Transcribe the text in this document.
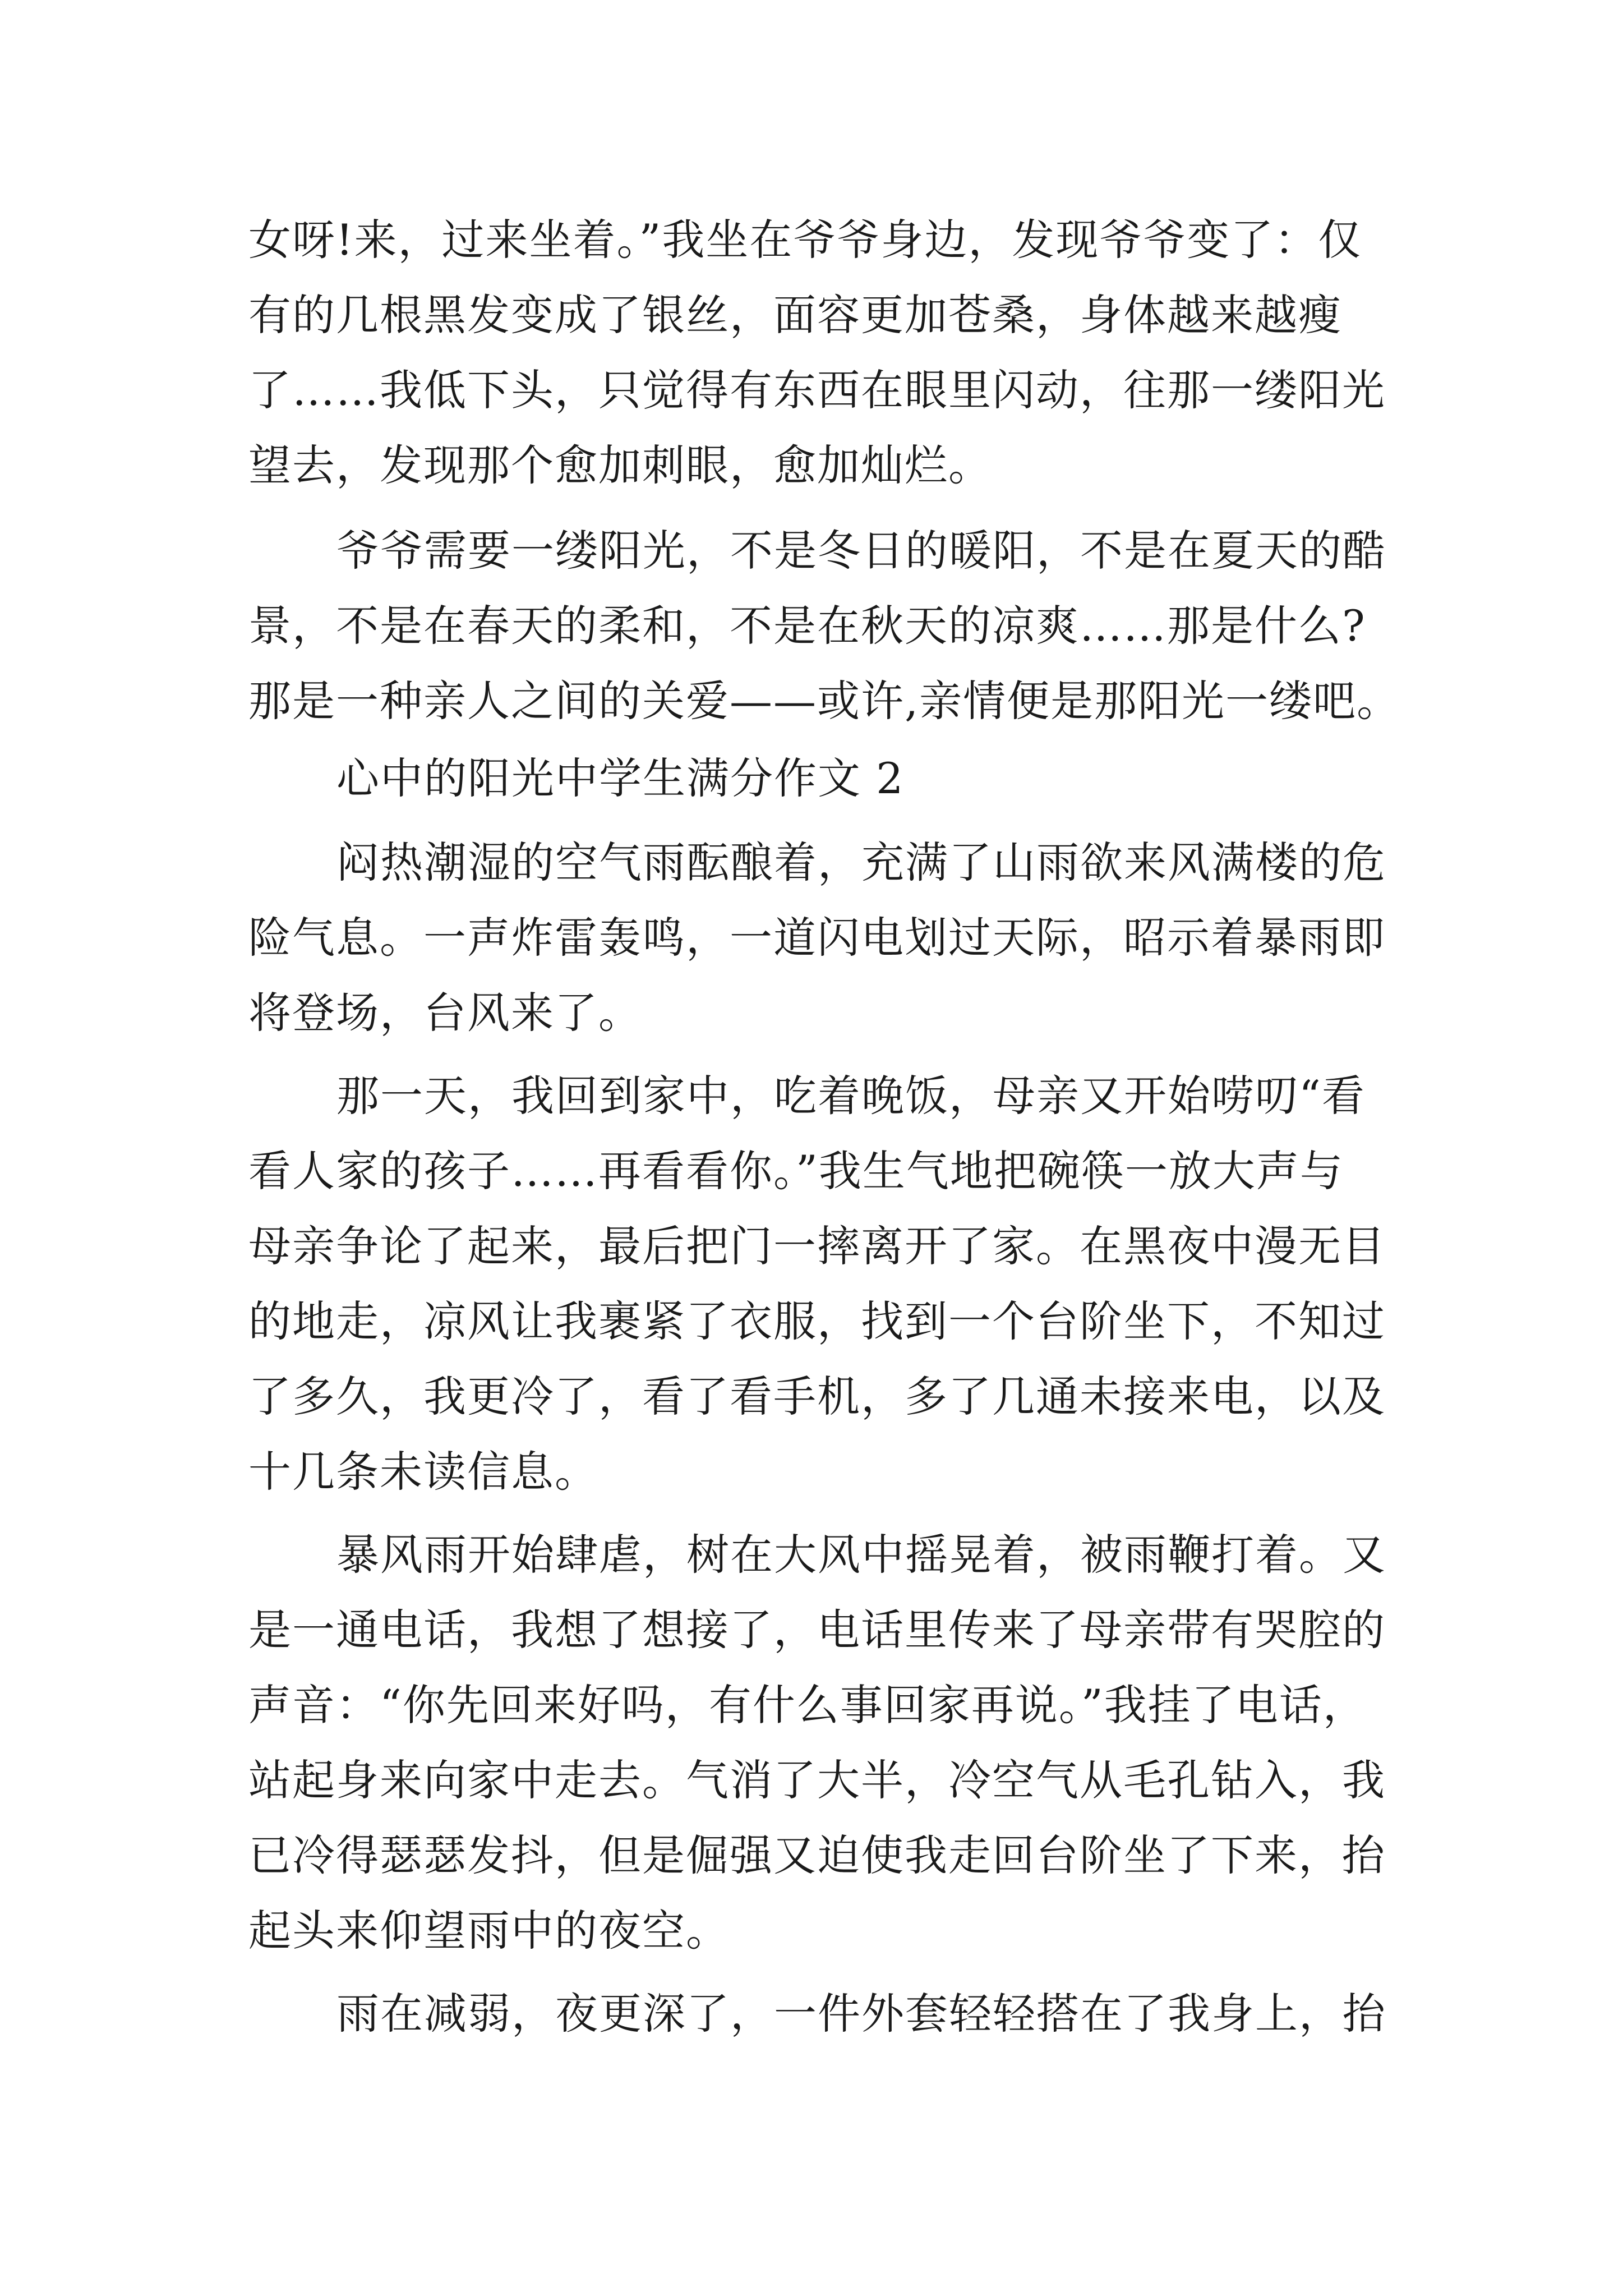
女呀!来，过来坐着。”我坐在爷爷身边，发现爷爷变了：仅
有的几根黑发变成了银丝，面容更加苍桑，身体越来越瘦
了……我低下头，只觉得有东西在眼里闪动，往那一缕阳光
望去，发现那个愈加刺眼，愈加灿烂。
爷爷需要一缕阳光，不是冬日的暖阳，不是在夏天的酷
景，不是在春天的柔和，不是在秋天的凉爽……那是什么?
那是一种亲人之间的关爱——或许,亲情便是那阳光一缕吧。
心中的阳光中学生满分作文 2
闷热潮湿的空气雨酝酿着，充满了山雨欲来风满楼的危
险气息。一声炸雷轰鸣，一道闪电划过天际，昭示着暴雨即
将登场，台风来了。
那一天，我回到家中，吃着晚饭，母亲又开始唠叨“看
看人家的孩子……再看看你。”我生气地把碗筷一放大声与
母亲争论了起来，最后把门一摔离开了家。在黑夜中漫无目
的地走，凉风让我裹紧了衣服，找到一个台阶坐下，不知过
了多久，我更冷了，看了看手机，多了几通未接来电，以及
十几条未读信息。
暴风雨开始肆虐，树在大风中摇晃着，被雨鞭打着。又
是一通电话，我想了想接了，电话里传来了母亲带有哭腔的
声音：“你先回来好吗，有什么事回家再说。”我挂了电话，
站起身来向家中走去。气消了大半，冷空气从毛孔钻入，我
已冷得瑟瑟发抖，但是倔强又迫使我走回台阶坐了下来，抬
起头来仰望雨中的夜空。
雨在减弱，夜更深了，一件外套轻轻搭在了我身上，抬
